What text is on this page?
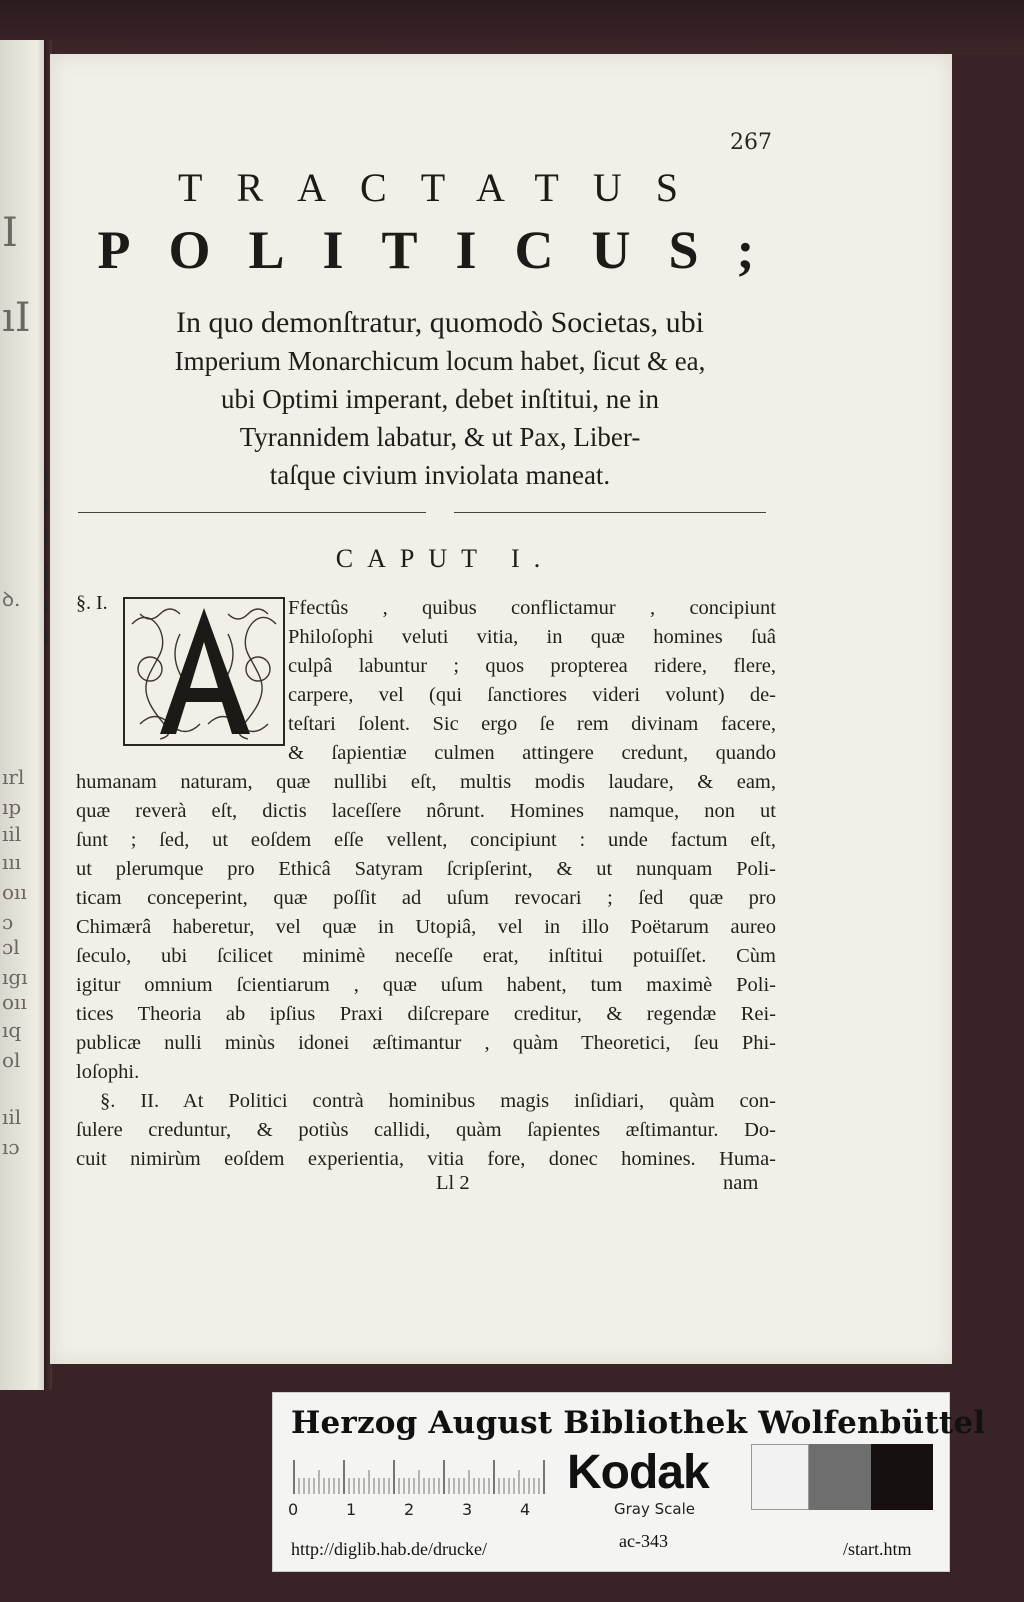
I
ıI
ꝺ.
ırl
ıp
ıil
ııı
oıı
ɔ
ɔl
ıgı
oıı
ıq
ol
ıil
ıɔ
267
TRACTATUS
POLITICUS;
In quo demonſtratur, quomodò Societas, ubi
Imperium Monarchicum locum habet, ſicut & ea,
ubi Optimi imperant, debet inſtitui, ne in
Tyrannidem labatur, & ut Pax, Liber-
taſque civium inviolata maneat.
CAPUT I.
Ffectûs , quibus conflictamur , concipiunt
Philoſophi veluti vitia, in quæ homines ſuâ
culpâ labuntur ; quos propterea ridere, flere,
carpere, vel (qui ſanctiores videri volunt) de-
teſtari ſolent. Sic ergo ſe rem divinam facere,
& ſapientiæ culmen attingere credunt, quando
humanam naturam, quæ nullibi eſt, multis modis laudare, & eam,
quæ reverà eſt, dictis laceſſere nôrunt. Homines namque, non ut
ſunt ; ſed, ut eoſdem eſſe vellent, concipiunt : unde factum eſt,
ut plerumque pro Ethicâ Satyram ſcripſerint, & ut nunquam Poli-
ticam conceperint, quæ poſſit ad uſum revocari ; ſed quæ pro
Chimærâ haberetur, vel quæ in Utopiâ, vel in illo Poëtarum aureo
ſeculo, ubi ſcilicet minimè neceſſe erat, inſtitui potuiſſet. Cùm
igitur omnium ſcientiarum , quæ uſum habent, tum maximè Poli-
tices Theoria ab ipſius Praxi diſcrepare creditur, & regendæ Rei-
publicæ nulli minùs idonei æſtimantur , quàm Theoretici, ſeu Phi-
loſophi.
§. II. At Politici contrà hominibus magis inſidiari, quàm con-
ſulere creduntur, & potiùs callidi, quàm ſapientes æſtimantur. Do-
cuit nimirùm eoſdem experientia, vitia fore, donec homines. Huma-
§. I.
Ll 2	nam
Herzog August Bibliothek Wolfenbüttel
0	1	2	3	4
Kodak
Gray Scale
http://diglib.hab.de/drucke/	ac-343	/start.htm
